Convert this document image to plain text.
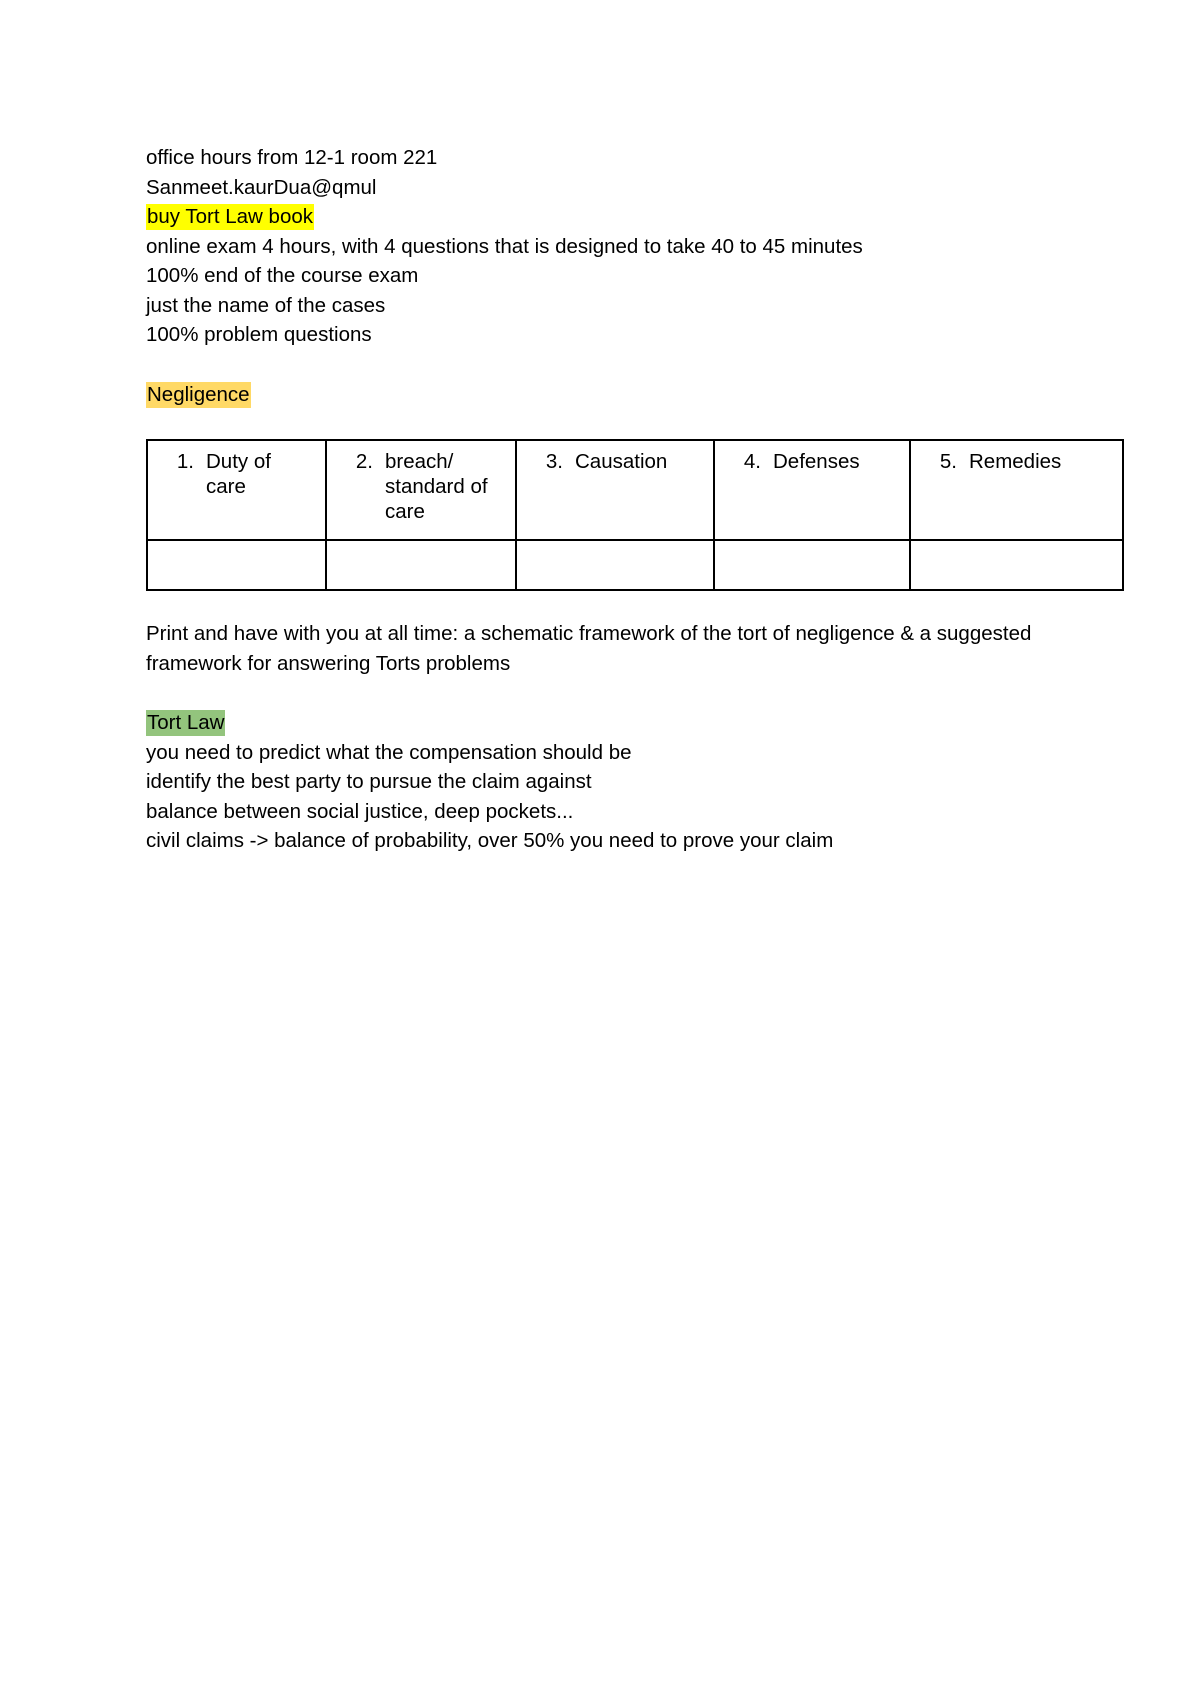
office hours from 12-1 room 221

Sanmeet.kaurDua@qmul

buy Tort Law book

online exam 4 hours, with 4 questions that is designed to take 40 to 45 minutes

100% end of the course exam

just the name of the cases

100% problem questions

Negligence

1. Duty of care	2. breach/ standard of care	3. Causation	4. Defenses	5. Remedies

Print and have with you at all time: a schematic framework of the tort of negligence & a suggested framework for answering Torts problems

Tort Law

you need to predict what the compensation should be

identify the best party to pursue the claim against

balance between social justice, deep pockets...

civil claims -> balance of probability, over 50% you need to prove your claim
